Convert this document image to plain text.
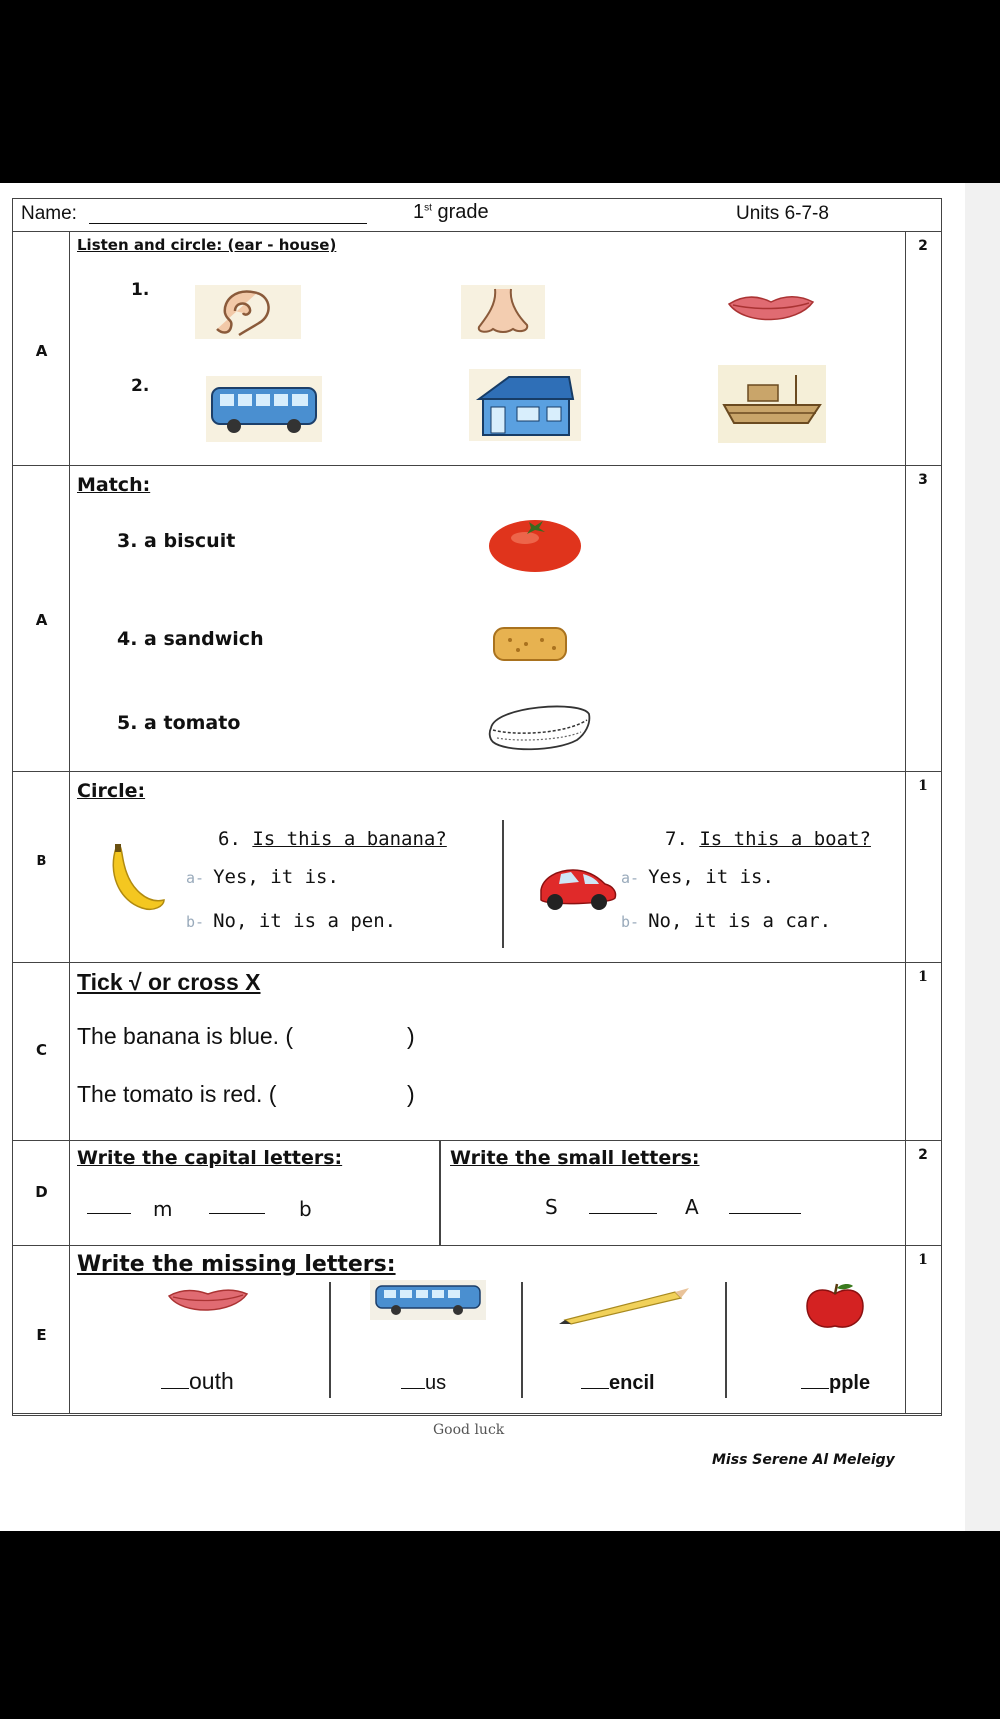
Name:	1st grade	Units 6-7-8
A
2
Listen and circle: (ear - house)
1.
2.
A
3
Match:
3. a biscuit
4. a sandwich
5. a tomato
B
1
Circle:
6. Is this a banana?
a- Yes, it is.
b- No, it is a pen.
7. Is this a boat?
a- Yes, it is.
b- No, it is a car.
C
1
Tick √ or cross X
The banana is blue. (	)
The tomato is red. (	)
D
2
Write the capital letters:	Write the small letters:
m	b	S	A
E
1
Write the missing letters:
outh	us	encil	pple
Good luck
Miss Serene Al Meleigy
